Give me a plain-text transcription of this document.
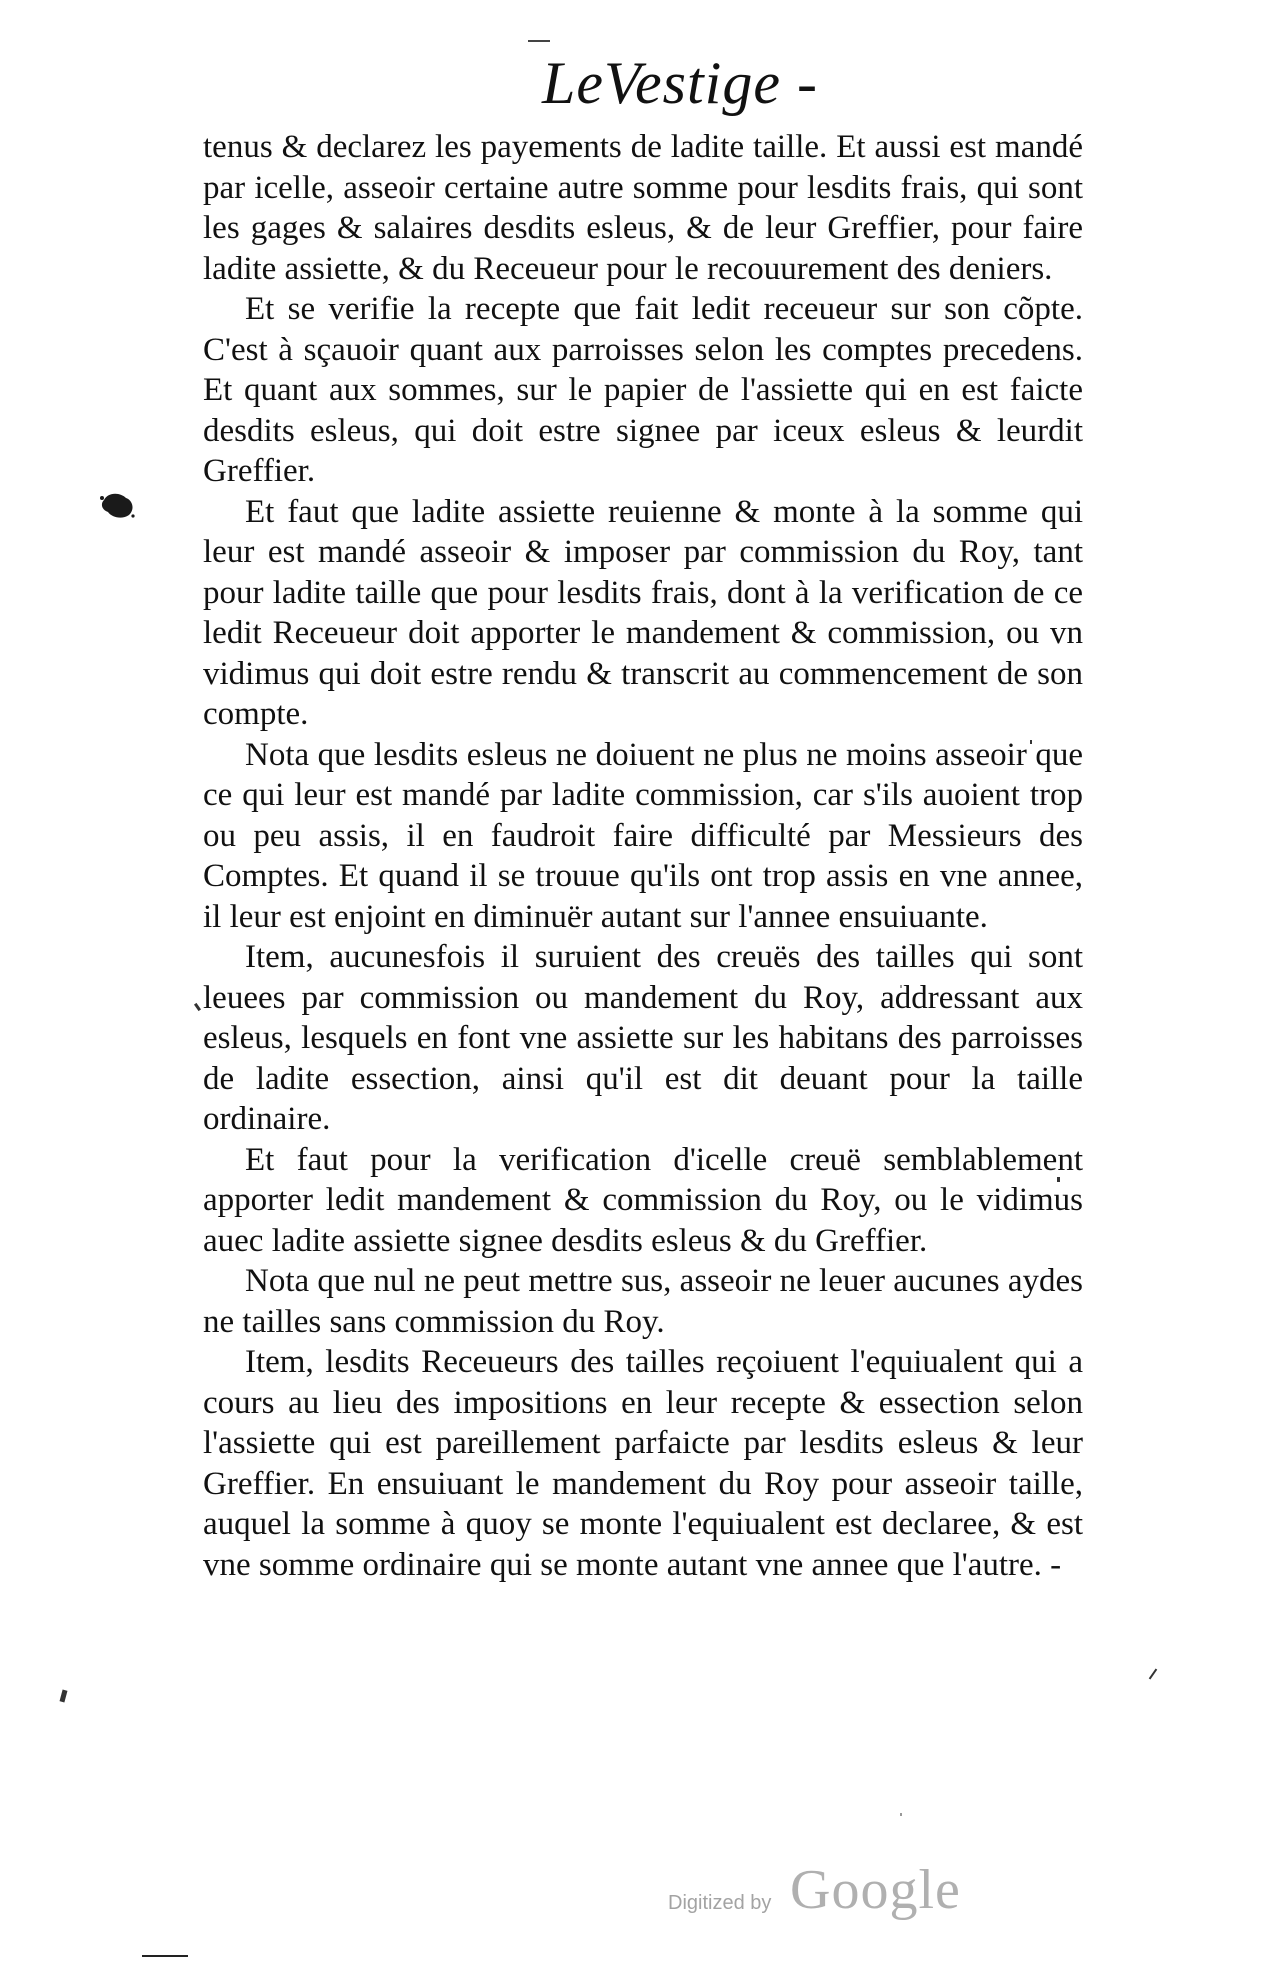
LeVestige -

tenus & declarez les payements de ladite taille. Et aussi est mandé par icelle, asseoir certaine autre somme pour lesdits frais, qui sont les gages & salaires desdits esleus, & de leur Greffier, pour faire ladite assiette, & du Receueur pour le recouurement des deniers.

Et se verifie la recepte que fait ledit receueur sur son cõpte. C'est à sçauoir quant aux parroisses selon les comptes precedens. Et quant aux sommes, sur le papier de l'assiette qui en est faicte desdits esleus, qui doit estre signee par iceux esleus & leurdit Greffier.

Et faut que ladite assiette reuienne & monte à la somme qui leur est mandé asseoir & imposer par commission du Roy, tant pour ladite taille que pour lesdits frais, dont à la verification de ce ledit Receueur doit apporter le mandement & commission, ou vn vidimus qui doit estre rendu & transcrit au commencement de son compte.

Nota que lesdits esleus ne doiuent ne plus ne moins asseoir que ce qui leur est mandé par ladite commission, car s'ils auoient trop ou peu assis, il en faudroit faire difficulté par Messieurs des Comptes. Et quand il se trouue qu'ils ont trop assis en vne annee, il leur est enjoint en diminuër autant sur l'annee ensuiuante.

Item, aucunesfois il suruient des creuës des tailles qui sont leuees par commission ou mandement du Roy, addressant aux esleus, lesquels en font vne assiette sur les habitans des parroisses de ladite essection, ainsi qu'il est dit deuant pour la taille ordinaire.

Et faut pour la verification d'icelle creuë semblablement apporter ledit mandement & commission du Roy, ou le vidimus auec ladite assiette signee desdits esleus & du Greffier.

Nota que nul ne peut mettre sus, asseoir ne leuer aucunes aydes ne tailles sans commission du Roy.

Item, lesdits Receueurs des tailles reçoiuent l'equiualent qui a cours au lieu des impositions en leur recepte & essection selon l'assiette qui est pareillement parfaicte par lesdits esleus & leur Greffier. En ensuiuant le mandement du Roy pour asseoir taille, auquel la somme à quoy se monte l'equiualent est declaree, & est vne somme ordinaire qui se monte autant vne annee que l'autre. -

Digitized by Google
